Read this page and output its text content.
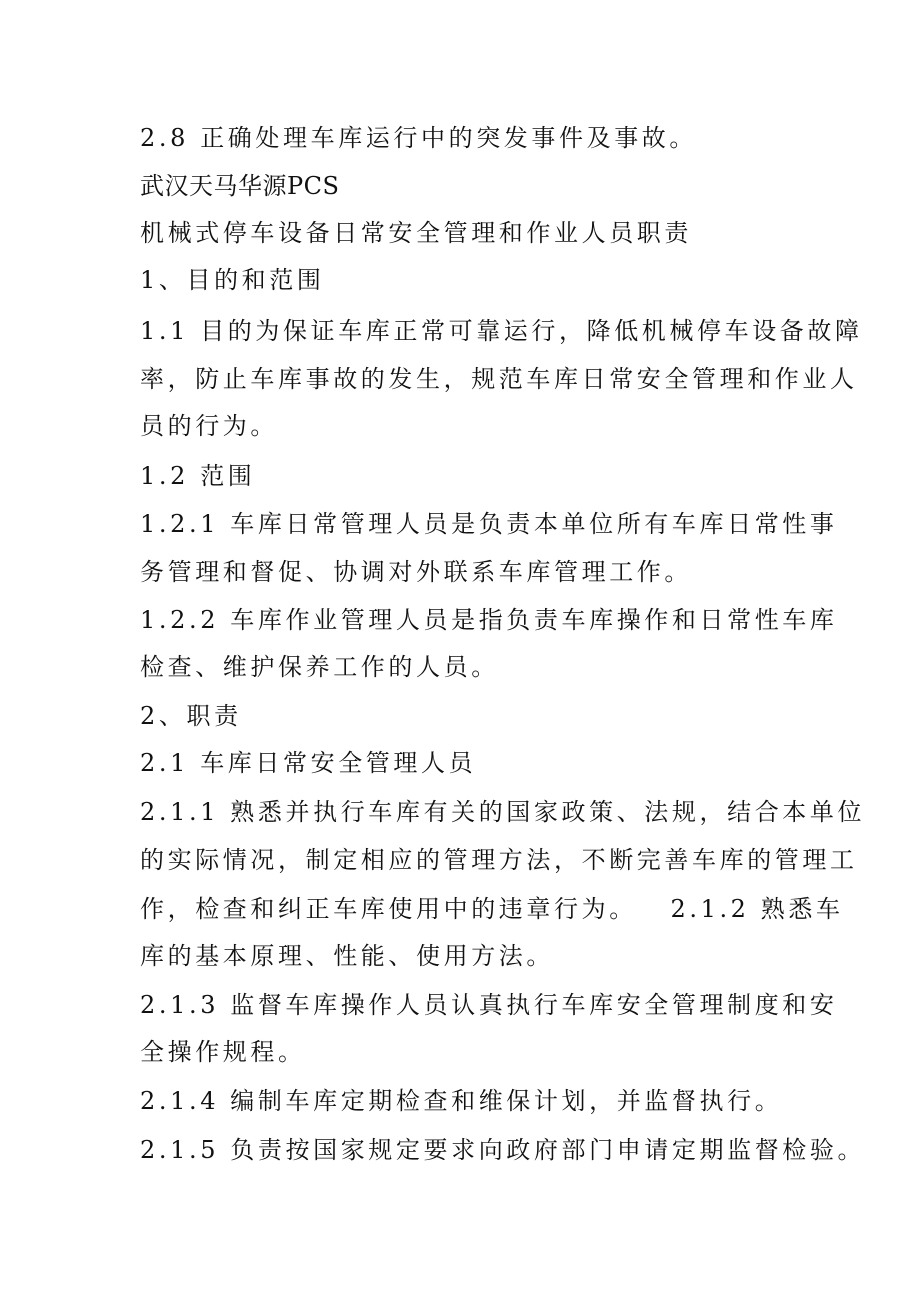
2.8 正确处理车库运行中的突发事件及事故。

武汉天马华源PCS

机械式停车设备日常安全管理和作业人员职责

1、目的和范围

1.1 目的为保证车库正常可靠运行，降低机械停车设备故障

率，防止车库事故的发生，规范车库日常安全管理和作业人

员的行为。

1.2 范围

1.2.1 车库日常管理人员是负责本单位所有车库日常性事

务管理和督促、协调对外联系车库管理工作。

1.2.2 车库作业管理人员是指负责车库操作和日常性车库

检查、维护保养工作的人员。

2、职责

2.1 车库日常安全管理人员

2.1.1 熟悉并执行车库有关的国家政策、法规，结合本单位

的实际情况，制定相应的管理方法，不断完善车库的管理工

作，检查和纠正车库使用中的违章行为。   2.1.2 熟悉车

库的基本原理、性能、使用方法。

2.1.3 监督车库操作人员认真执行车库安全管理制度和安

全操作规程。

2.1.4 编制车库定期检查和维保计划，并监督执行。

2.1.5 负责按国家规定要求向政府部门申请定期监督检验。
